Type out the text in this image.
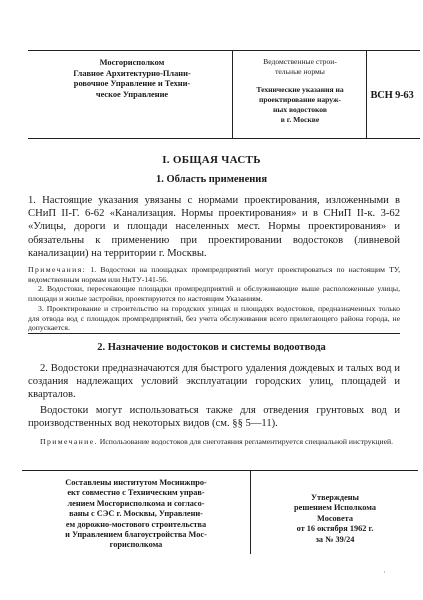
Мосгорисполком
Главное Архитектурно-Плани-
ровочное Управление и Техни-
ческое Управление
Ведомственные строи-
тельные нормы
Технические указания на
проектирование наруж-
ных водостоков
в г. Москве
ВСН 9-63
I. ОБЩАЯ ЧАСТЬ
1. Область применения
1. Настоящие указания увязаны с нормами проектирования, изложенными в СНиП II-Г. 6-62 «Канализация. Нормы проектирования» и в СНиП II-к. 3-62 «Улицы, дороги и площади населенных мест. Нормы проектирования» и обязательны к применению при проектировании водостоков (ливневой канализации) на территории г. Москвы.
Примечания: 1. Водостоки на площадках промпредприятий могут проектироваться по настоящим ТУ, ведомственным нормам или НиТУ-141-56.
2. Водостоки, пересекающие площадки промпредприятий и обслуживающие выше расположенные улицы, площади и жилые застройки, проектируются по настоящим Указаниям.
3. Проектирование и строительство на городских улицах и площадях водостоков, предназначенных только для отвода вод с площадок промпредприятий, без учета обслуживания всего прилегающего района города, не допускается.
2. Назначение водостоков и системы водоотвода
2. Водостоки предназначаются для быстрого удаления дождевых и талых вод и создания надлежащих условий эксплуатации городских улиц, площадей и кварталов.
Водостоки могут использоваться также для отведения грунтовых вод и производственных вод некоторых видов (см. §§ 5—11).
Примечание. Использование водостоков для снеготаяния регламентируется специальной инструкцией.
Составлены институтом Мосинжпро-
ект совместно с Техническим управ-
лением Мосгорисполкома и согласо-
ваны с СЭС г. Москвы, Управлени-
ем дорожно-мостового строительства
и Управлением благоустройства Мос-
горисполкома
Утверждены
решением Исполкома
Мосовета
от 16 октября 1962 г.
за № 39/24
·
